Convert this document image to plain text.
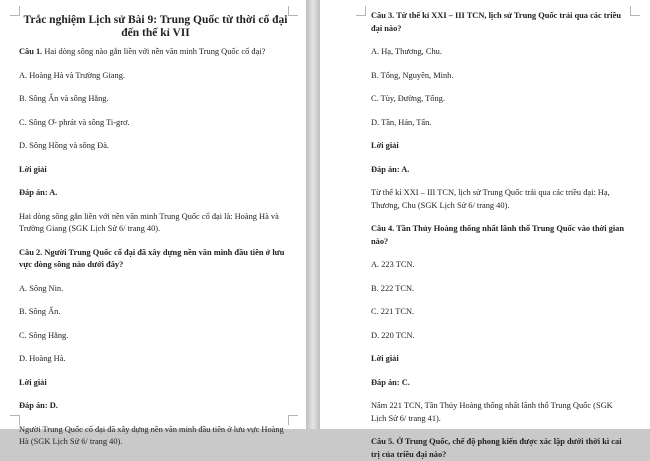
Trắc nghiệm Lịch sử Bài 9: Trung Quốc từ thời cổ đại đến thế kỉ VII
Câu 1. Hai dòng sông nào gắn liền với nền văn minh Trung Quốc cổ đại?
A. Hoàng Hà và Trường Giang.
B. Sông Ấn và sông Hằng.
C. Sông Ơ- phrát và sông Ti-grơ.
D. Sông Hồng và sông Đà.
Lời giải
Đáp án: A.
Hai dòng sông gắn liền với nền văn minh Trung Quốc cổ đại là: Hoàng Hà và Trường Giang (SGK Lịch Sử 6/ trang 40).
Câu 2. Người Trung Quốc cổ đại đã xây dựng nền văn minh đầu tiên ở lưu vực dòng sông nào dưới đây?
A. Sông Nin.
B. Sông Ấn.
C. Sông Hằng.
D. Hoàng Hà.
Lời giải
Đáp án: D.
Người Trung Quốc cổ đại đã xây dựng nền văn minh đầu tiên ở lưu vực Hoàng Hà (SGK Lịch Sử 6/ trang 40).
Câu 3. Từ thế kỉ XXI – III TCN, lịch sử Trung Quốc trải qua các triều đại nào?
A. Hạ, Thương, Chu.
B. Tống, Nguyên, Minh.
C. Tùy, Đường, Tống.
D. Tần, Hán, Tấn.
Lời giải
Đáp án: A.
Từ thế kỉ XXI – III TCN, lịch sử Trung Quốc trải qua các triều đại: Hạ, Thương, Chu (SGK Lịch Sử 6/ trang 40).
Câu 4. Tần Thủy Hoàng thống nhất lãnh thổ Trung Quốc vào thời gian nào?
A. 223 TCN.
B. 222 TCN.
C. 221 TCN.
D. 220 TCN.
Lời giải
Đáp án: C.
Năm 221 TCN, Tần Thủy Hoàng thống nhất lãnh thổ Trung Quốc (SGK Lịch Sử 6/ trang 41).
Câu 5. Ở Trung Quốc, chế độ phong kiến được xác lập dưới thời kì cai trị của triều đại nào?
